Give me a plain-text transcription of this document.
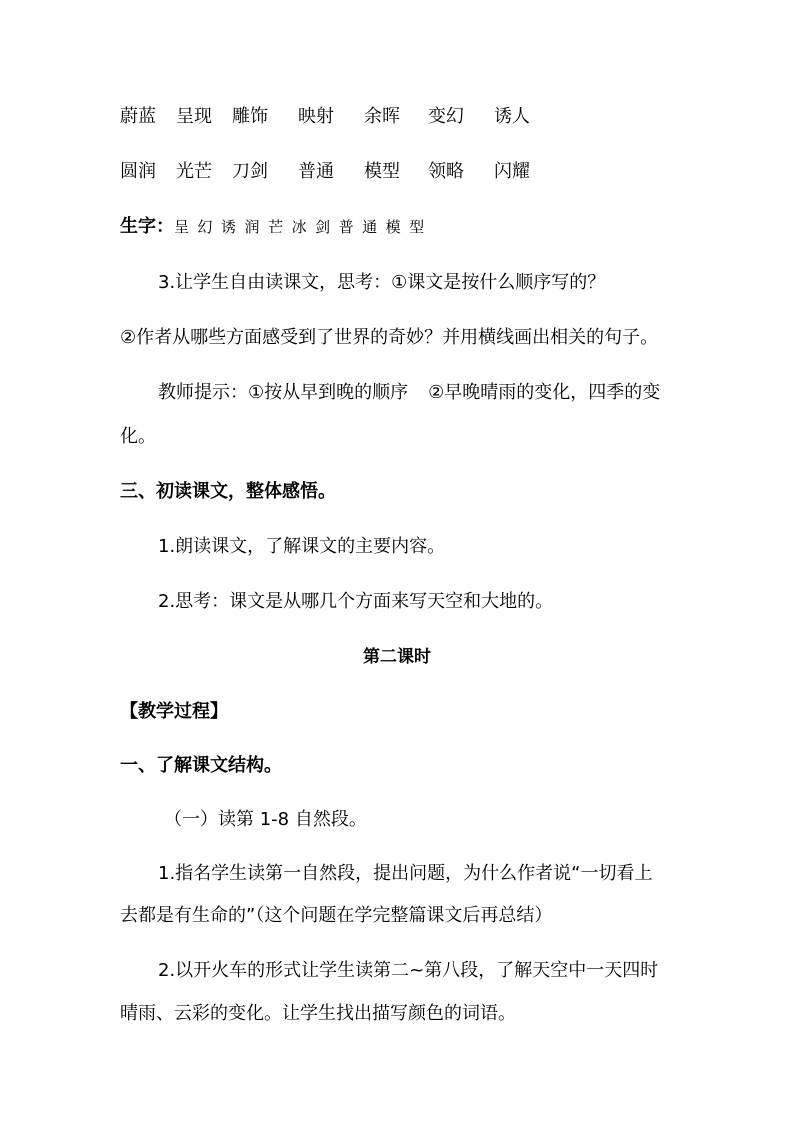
蔚蓝 呈现 雕饰 映射 余晖 变幻 诱人
圆润 光芒 刀剑 普通 模型 领略 闪耀
生字：呈 幻 诱 润 芒 冰 剑 普 通 模 型
3.让学生自由读课文，思考：①课文是按什么顺序写的？
②作者从哪些方面感受到了世界的奇妙？并用横线画出相关的句子。
教师提示：①按从早到晚的顺序 ②早晚晴雨的变化，四季的变
化。
三、初读课文，整体感悟。
1.朗读课文，了解课文的主要内容。
2.思考：课文是从哪几个方面来写天空和大地的。
第二课时
【教学过程】
一、了解课文结构。
（一）读第 1-8 自然段。
1.指名学生读第一自然段，提出问题，为什么作者说“一切看上
去都是有生命的”（这个问题在学完整篇课文后再总结）
2.以开火车的形式让学生读第二~第八段，了解天空中一天四时
晴雨、云彩的变化。让学生找出描写颜色的词语。
